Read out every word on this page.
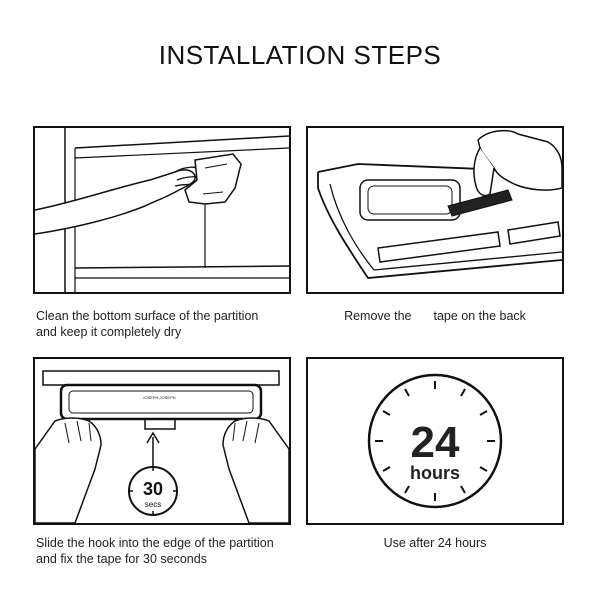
INSTALLATION STEPS
30
secs
JOSEPH JOSEPH
24
hours
Clean the bottom surface of the partition
and keep it completely dry
Remove the tape on the back
Slide the hook into the edge of the partition
and fix the tape for 30 seconds
Use after 24 hours
